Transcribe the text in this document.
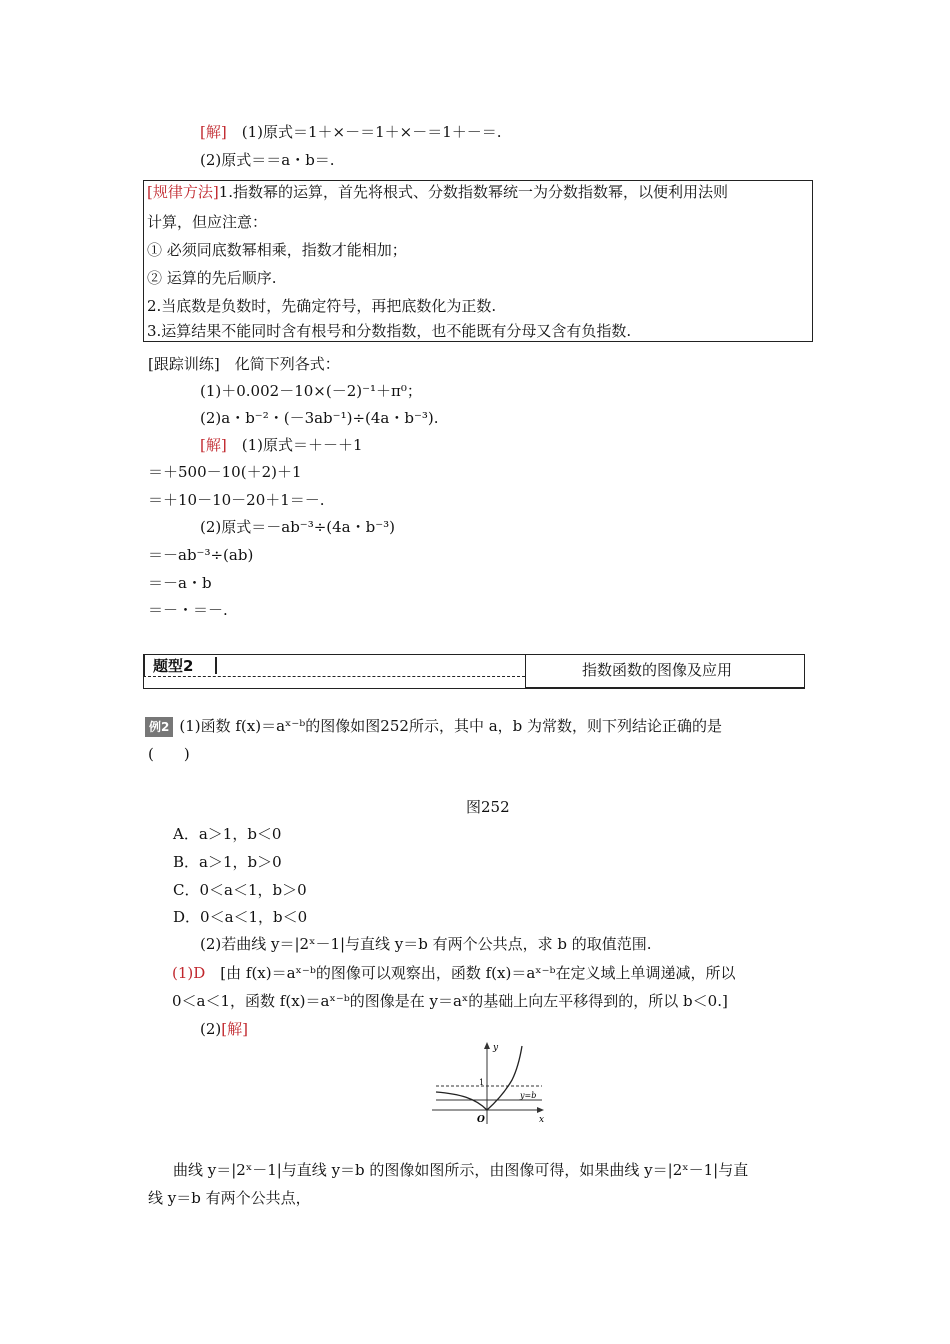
[解]　(1)原式＝1＋×－＝1＋×－＝1＋－＝.
(2)原式＝＝a・b＝.
[规律方法]1.指数幂的运算，首先将根式、分数指数幂统一为分数指数幂，以便利用法则
计算，但应注意：
① 必须同底数幂相乘，指数才能相加；
② 运算的先后顺序.
2.当底数是负数时，先确定符号，再把底数化为正数.
3.运算结果不能同时含有根号和分数指数，也不能既有分母又含有负指数.
[跟踪训练]　化简下列各式：
(1)＋0.002－10×(－2)⁻¹＋π⁰；
(2)a・b⁻²・(－3ab⁻¹)÷(4a・b⁻³).
[解]　(1)原式＝＋－＋1
＝＋500－10(＋2)＋1
＝＋10－10－20＋1＝－.
(2)原式＝－ab⁻³÷(4a・b⁻³)
＝－ab⁻³÷(ab)
＝－a・b
＝－・＝－.
题型2	指数函数的图像及应用
例2 (1)函数 f(x)＝aˣ⁻ᵇ的图像如图252所示，其中 a，b 为常数，则下列结论正确的是
(　　)
图252
A．a＞1，b＜0
B．a＞1，b＞0
C．0＜a＜1，b＞0
D．0＜a＜1，b＜0
(2)若曲线 y＝|2ˣ－1|与直线 y＝b 有两个公共点，求 b 的取值范围.
(1)D　[由 f(x)＝aˣ⁻ᵇ的图像可以观察出，函数 f(x)＝aˣ⁻ᵇ在定义域上单调递减，所以
0＜a＜1，函数 f(x)＝aˣ⁻ᵇ的图像是在 y＝aˣ的基础上向左平移得到的，所以 b＜0.]
(2)[解]
y
x
O
1
y=b
曲线 y＝|2ˣ－1|与直线 y＝b 的图像如图所示，由图像可得，如果曲线 y＝|2ˣ－1|与直
线 y＝b 有两个公共点，
